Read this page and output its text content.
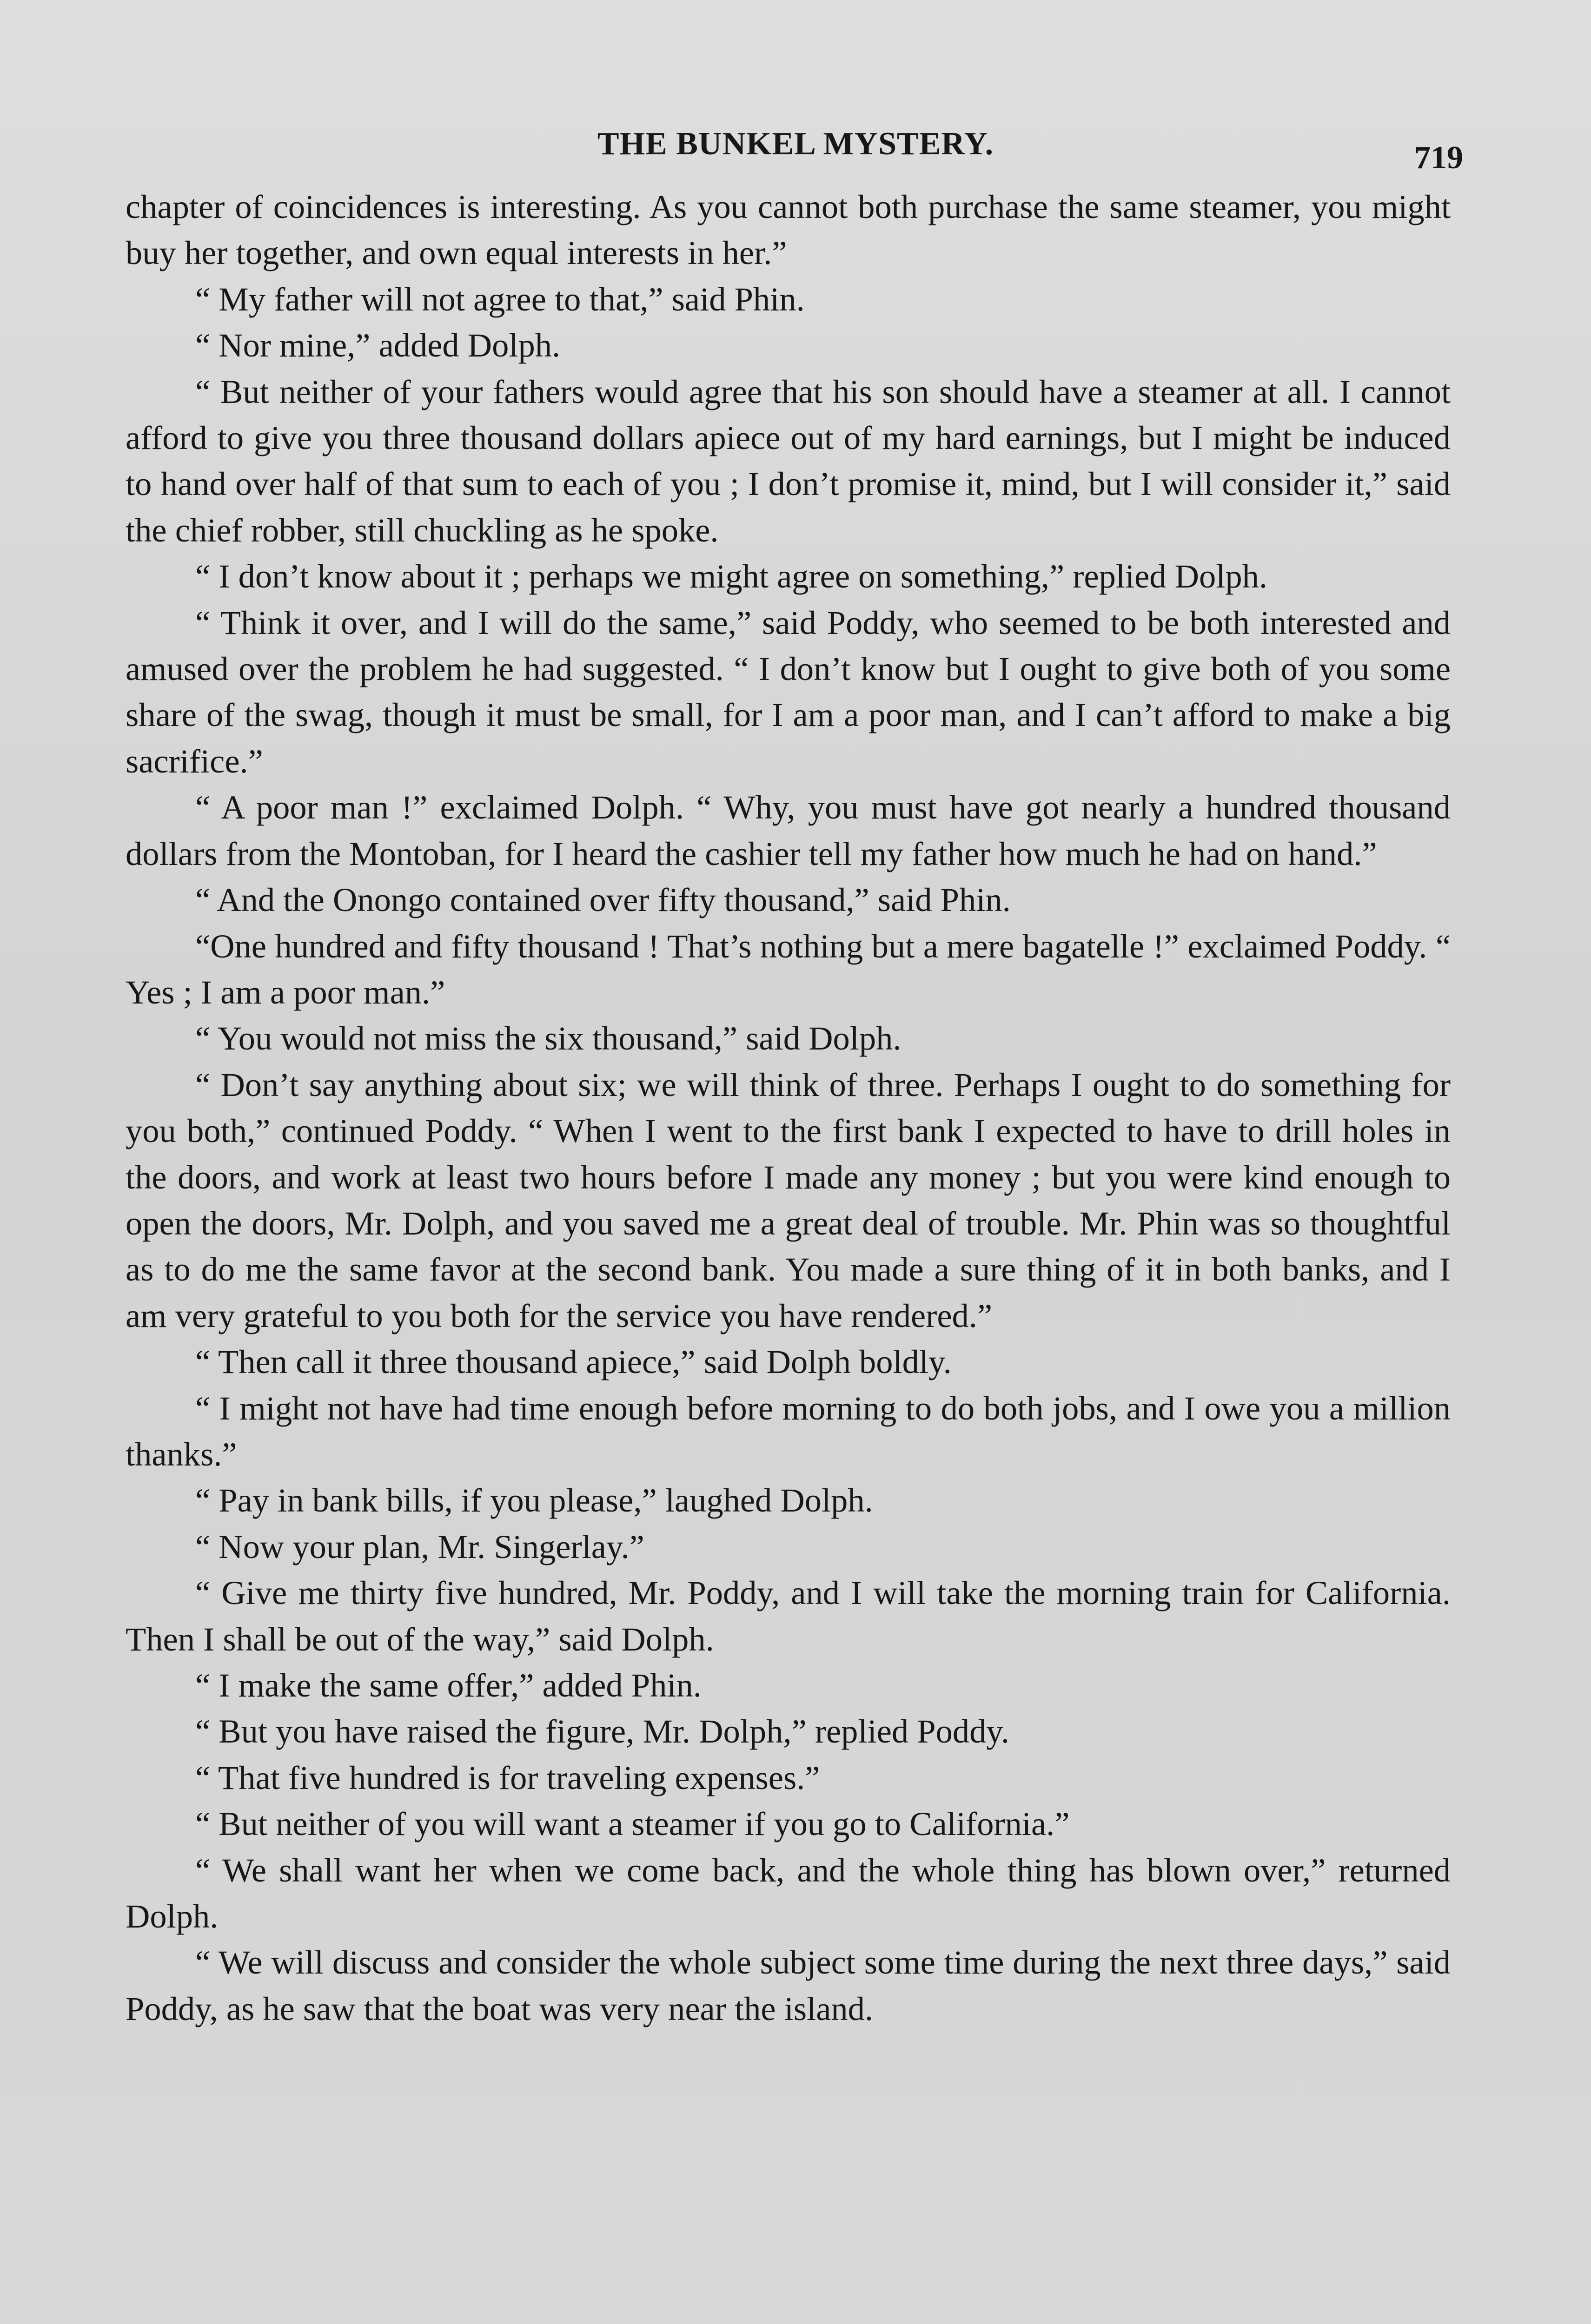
THE BUNKEL MYSTERY.	719

chapter of coincidences is interesting. As you cannot both purchase the same steamer, you might buy her together, and own equal interests in her.”

“ My father will not agree to that,” said Phin.

“ Nor mine,” added Dolph.

“ But neither of your fathers would agree that his son should have a steamer at all. I cannot afford to give you three thousand dollars apiece out of my hard earnings, but I might be induced to hand over half of that sum to each of you ; I don’t promise it, mind, but I will consider it,” said the chief robber, still chuckling as he spoke.

“ I don’t know about it ; perhaps we might agree on something,” replied Dolph.

“ Think it over, and I will do the same,” said Poddy, who seemed to be both interested and amused over the problem he had suggested. “ I don’t know but I ought to give both of you some share of the swag, though it must be small, for I am a poor man, and I can’t afford to make a big sacrifice.”

“ A poor man !” exclaimed Dolph. “ Why, you must have got nearly a hundred thousand dollars from the Montoban, for I heard the cashier tell my father how much he had on hand.”

“ And the Onongo contained over fifty thousand,” said Phin.

“One hundred and fifty thousand ! That’s nothing but a mere bagatelle !” exclaimed Poddy. “ Yes ; I am a poor man.”

“ You would not miss the six thousand,” said Dolph.

“ Don’t say anything about six; we will think of three. Perhaps I ought to do something for you both,” continued Poddy. “ When I went to the first bank I expected to have to drill holes in the doors, and work at least two hours before I made any money ; but you were kind enough to open the doors, Mr. Dolph, and you saved me a great deal of trouble. Mr. Phin was so thoughtful as to do me the same favor at the second bank. You made a sure thing of it in both banks, and I am very grateful to you both for the service you have rendered.”

“ Then call it three thousand apiece,” said Dolph boldly.

“ I might not have had time enough before morning to do both jobs, and I owe you a million thanks.”

“ Pay in bank bills, if you please,” laughed Dolph.

“ Now your plan, Mr. Singerlay.”

“ Give me thirty five hundred, Mr. Poddy, and I will take the morning train for California. Then I shall be out of the way,” said Dolph.

“ I make the same offer,” added Phin.

“ But you have raised the figure, Mr. Dolph,” replied Poddy.

“ That five hundred is for traveling expenses.”

“ But neither of you will want a steamer if you go to California.”

“ We shall want her when we come back, and the whole thing has blown over,” returned Dolph.

“ We will discuss and consider the whole subject some time during the next three days,” said Poddy, as he saw that the boat was very near the island.
